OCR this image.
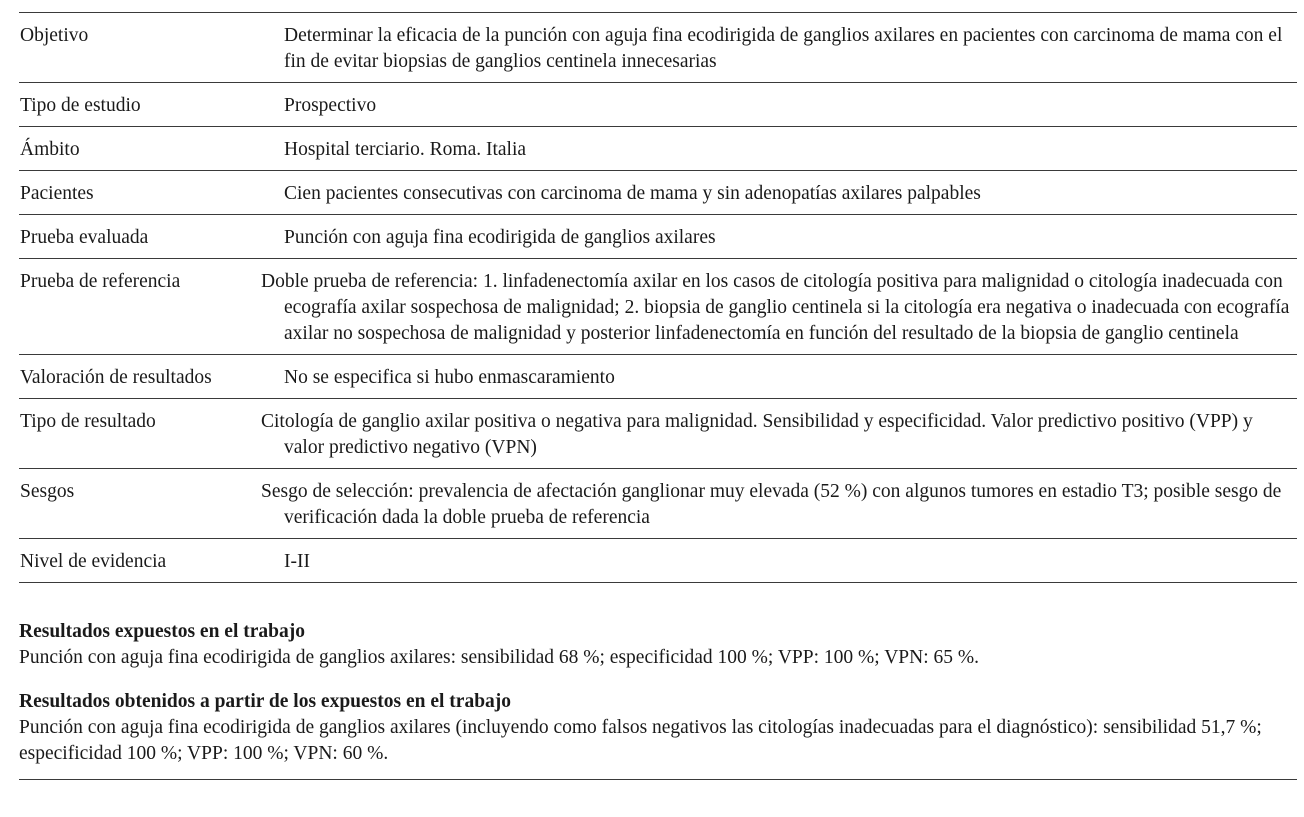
Objetivo	Determinar la eficacia de la punción con aguja fina ecodirigida de ganglios axilares en pacientes con carcinoma de mama con el fin de evitar biopsias de ganglios centinela innecesarias
Tipo de estudio	Prospectivo
Ámbito	Hospital terciario. Roma. Italia
Pacientes	Cien pacientes consecutivas con carcinoma de mama y sin adenopatías axilares palpables
Prueba evaluada	Punción con aguja fina ecodirigida de ganglios axilares
Prueba de referencia	Doble prueba de referencia: 1. linfadenectomía axilar en los casos de citología positiva para malignidad o citología inadecuada con ecografía axilar sospechosa de malignidad; 2. biopsia de ganglio centinela si la citología era negativa o inadecuada con ecografía axilar no sospechosa de malignidad y posterior linfadenectomía en función del resultado de la biopsia de ganglio centinela
Valoración de resultados	No se especifica si hubo enmascaramiento
Tipo de resultado	Citología de ganglio axilar positiva o negativa para malignidad. Sensibilidad y especificidad. Valor predictivo positivo (VPP) y valor predictivo negativo (VPN)
Sesgos	Sesgo de selección: prevalencia de afectación ganglionar muy elevada (52 %) con algunos tumores en estadio T3; posible sesgo de verificación dada la doble prueba de referencia
Nivel de evidencia	I-II
Resultados expuestos en el trabajo

Punción con aguja fina ecodirigida de ganglios axilares: sensibilidad 68 %; especificidad 100 %; VPP: 100 %; VPN: 65 %.

Resultados obtenidos a partir de los expuestos en el trabajo

Punción con aguja fina ecodirigida de ganglios axilares (incluyendo como falsos negativos las citologías inadecuadas para el diagnóstico): sensibilidad 51,7 %; especificidad 100 %; VPP: 100 %; VPN: 60 %.
